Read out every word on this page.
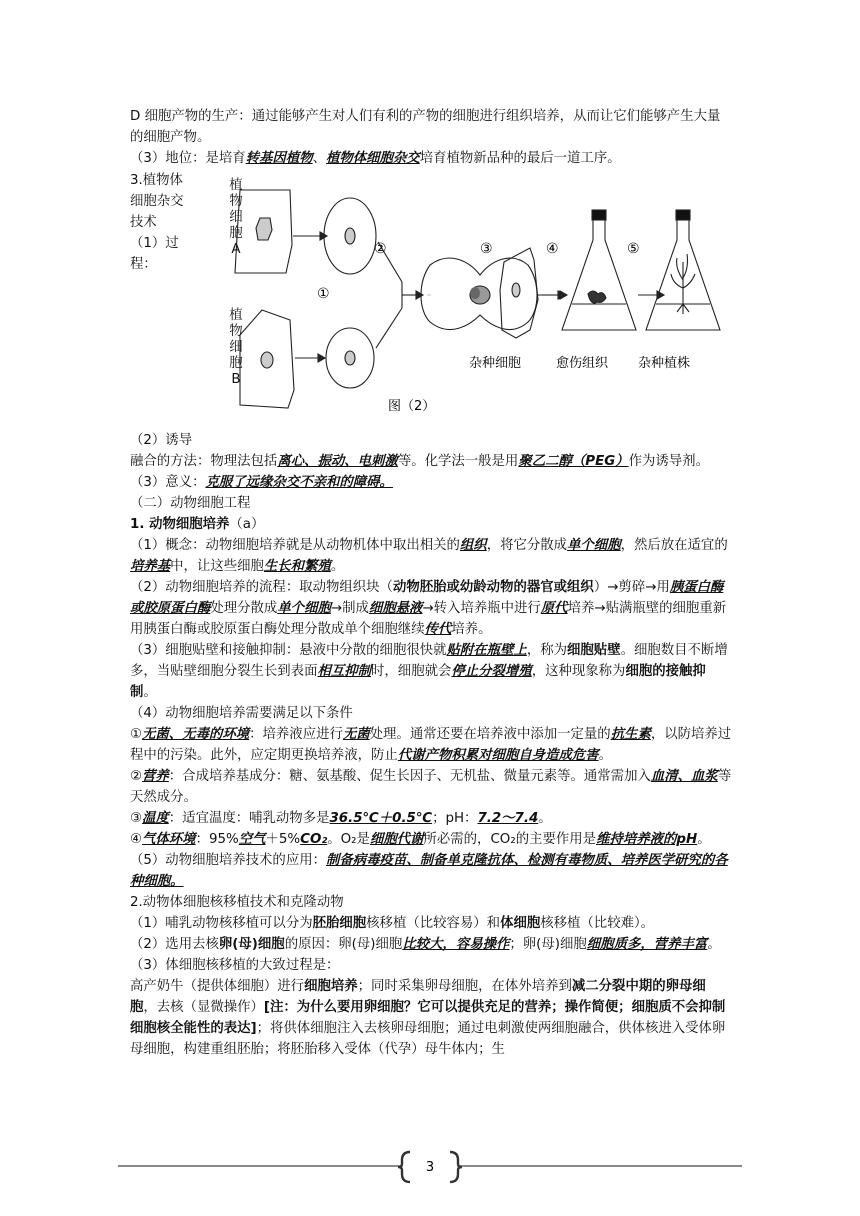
D 细胞产物的生产：通过能够产生对人们有利的产物的细胞进行组织培养，从而让它们能够产生大量的细胞产物。

（3）地位：是培育转基因植物、植物体细胞杂交培育植物新品种的最后一道工序。

3.植物体
细胞杂交
技术
（1）过
程：
植物细胞A
植物细胞B
①
②	③	④	⑤
杂种细胞	愈伤组织 杂种植株
图（2）

（2）诱导

融合的方法：物理法包括离心、振动、电刺激等。化学法一般是用聚乙二醇（PEG）作为诱导剂。

（3）意义：克服了远缘杂交不亲和的障碍。

（二）动物细胞工程

1. 动物细胞培养（a）

（1）概念：动物细胞培养就是从动物机体中取出相关的组织，将它分散成单个细胞，然后放在适宜的培养基中，让这些细胞生长和繁殖。

（2）动物细胞培养的流程：取动物组织块（动物胚胎或幼龄动物的器官或组织）→剪碎→用胰蛋白酶或胶原蛋白酶处理分散成单个细胞→制成细胞悬液→转入培养瓶中进行原代培养→贴满瓶壁的细胞重新用胰蛋白酶或胶原蛋白酶处理分散成单个细胞继续传代培养。

（3）细胞贴壁和接触抑制：悬液中分散的细胞很快就贴附在瓶壁上，称为细胞贴壁。细胞数目不断增多，当贴壁细胞分裂生长到表面相互抑制时，细胞就会停止分裂增殖，这种现象称为细胞的接触抑制。

（4）动物细胞培养需要满足以下条件

①无菌、无毒的环境：培养液应进行无菌处理。通常还要在培养液中添加一定量的抗生素，以防培养过程中的污染。此外，应定期更换培养液，防止代谢产物积累对细胞自身造成危害。

②营养：合成培养基成分：糖、氨基酸、促生长因子、无机盐、微量元素等。通常需加入血清、血浆等天然成分。

③温度：适宜温度：哺乳动物多是36.5℃＋0.5℃；pH：7.2～7.4。

④气体环境：95%空气＋5%CO₂。O₂是细胞代谢所必需的，CO₂的主要作用是维持培养液的pH。

（5）动物细胞培养技术的应用：制备病毒疫苗、制备单克隆抗体、检测有毒物质、培养医学研究的各种细胞。

2.动物体细胞核移植技术和克隆动物

（1）哺乳动物核移植可以分为胚胎细胞核移植（比较容易）和体细胞核移植（比较难）。

（2）选用去核卵(母)细胞的原因：卵(母)细胞比较大，容易操作；卵(母)细胞细胞质多，营养丰富。

（3）体细胞核移植的大致过程是：

高产奶牛（提供体细胞）进行细胞培养；同时采集卵母细胞，在体外培养到减二分裂中期的卵母细胞，去核（显微操作）[注：为什么要用卵细胞？它可以提供充足的营养；操作简便；细胞质不会抑制细胞核全能性的表达]；将供体细胞注入去核卵母细胞；通过电刺激使两细胞融合，供体核进入受体卵母细胞，构建重组胚胎；将胚胎移入受体（代孕）母牛体内；生

3
